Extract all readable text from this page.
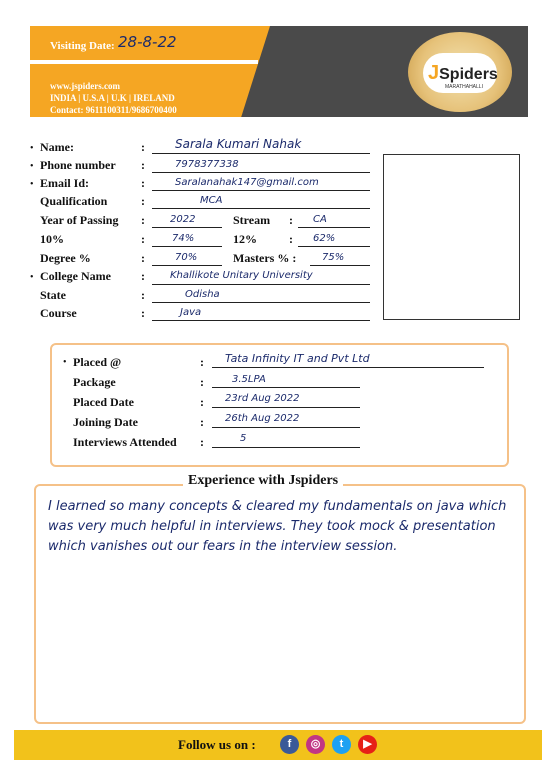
Visiting Date: 28-8-22
www.jspiders.com
INDIA | U.S.A | U.K | IRELAND
Contact: 9611100311/9686700400
JSpiders
MARATHAHALLI
• Name:	:	Sarala Kumari Nahak
• Phone number :	7978377338
• Email Id:	:	Saralanahak147@gmail.com
Qualification	:	MCA
Year of Passing :	2022	Stream : CA
10%	:	74%	12%	: 62%
Degree %	:	70%	Masters % :	75%
• College Name	:	Khallikote Unitary University
State	:	Odisha
Course	:	Java
• Placed @	: Tata Infinity IT and Pvt Ltd
Package	:	3.5LPA
Placed Date	: 23rd Aug 2022
Joining Date	: 26th Aug 2022
Interviews Attended :	5
Experience with Jspiders
I learned so many concepts & cleared my fundamentals on java which was very much helpful in interviews. They took mock & presentation which vanishes out our fears in the interview session.
Follow us on :	f	◎	t	▶
